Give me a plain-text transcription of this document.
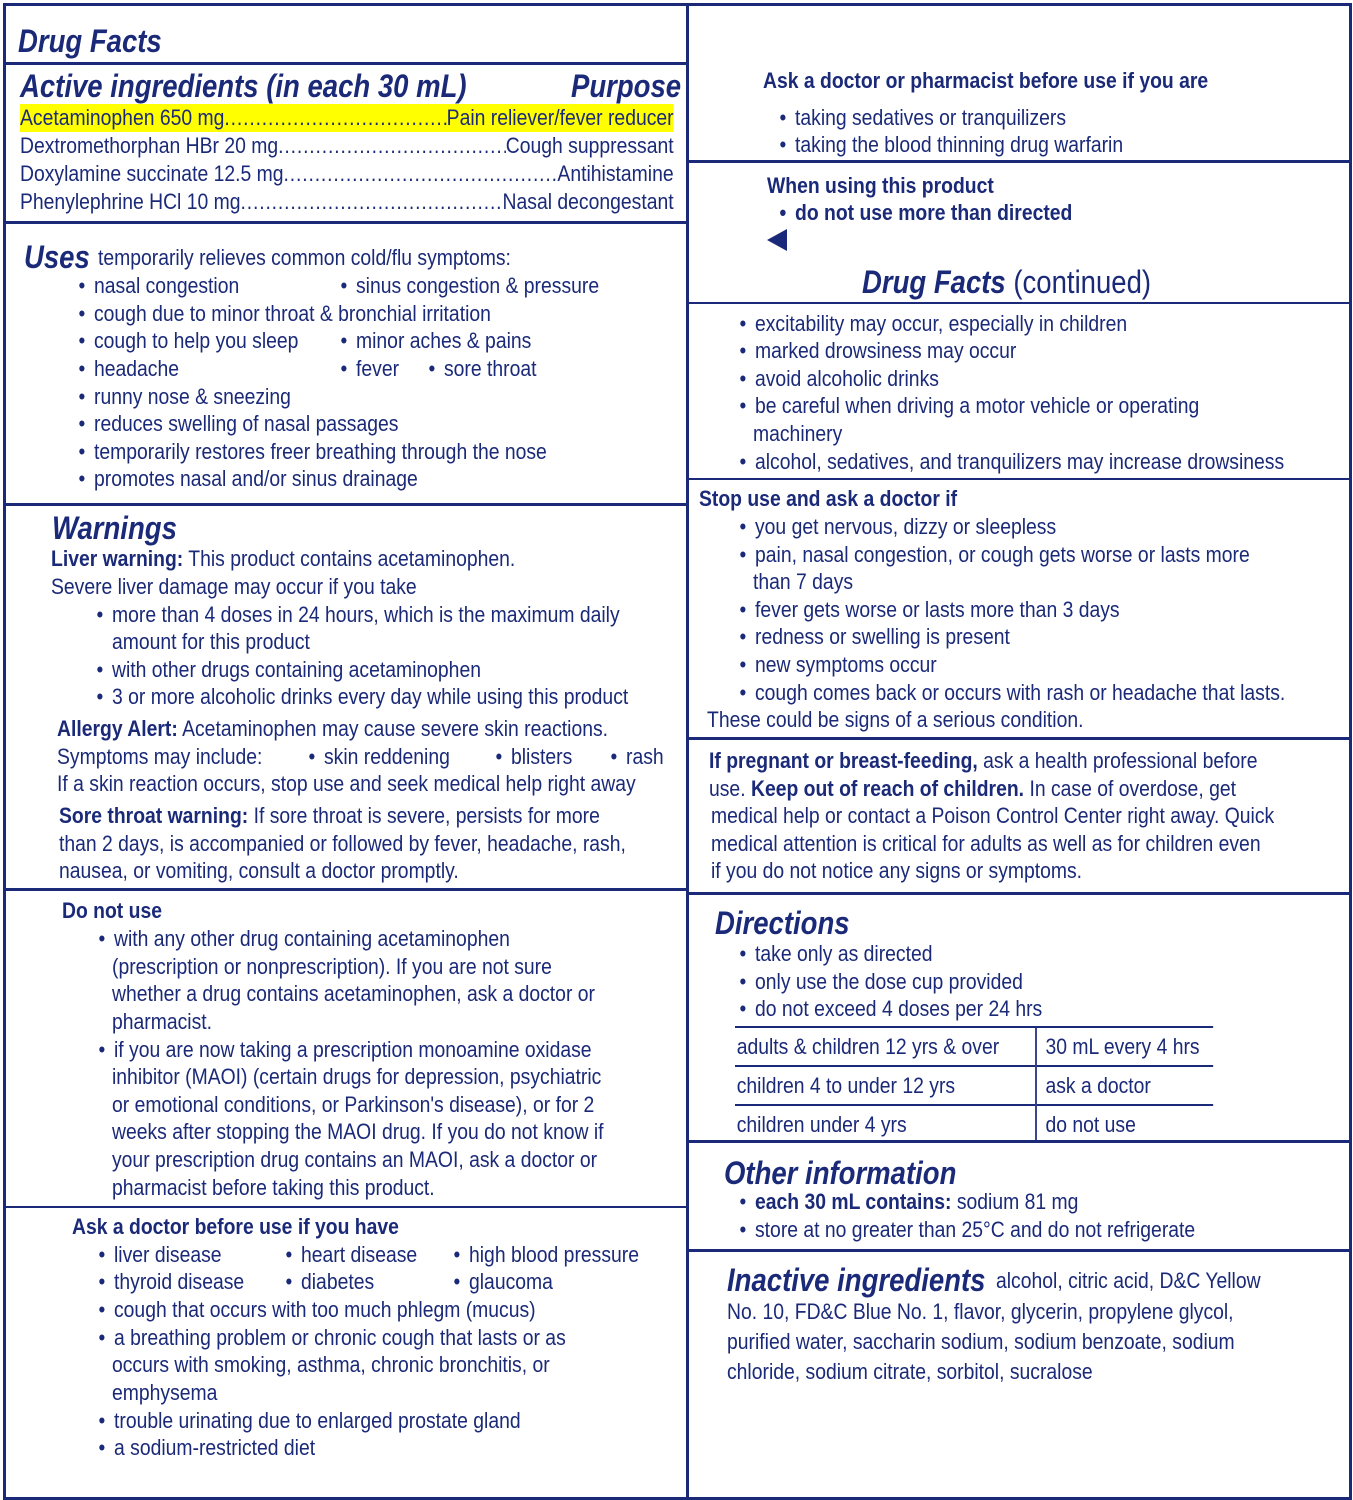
Drug Facts
Active ingredients (in each 30 mL)	Purpose
Acetaminophen 650 mg .....	Pain reliever/fever reducer
Dextromethorphan HBr 20 mg .....	Cough suppressant
Doxylamine succinate 12.5 mg .....	Antihistamine
Phenylephrine HCl 10 mg .....	Nasal decongestant
Uses temporarily relieves common cold/flu symptoms:
• nasal congestion	• sinus congestion & pressure
• cough due to minor throat & bronchial irritation
• cough to help you sleep	• minor aches & pains
• headache	• fever • sore throat
• runny nose & sneezing
• reduces swelling of nasal passages
• temporarily restores freer breathing through the nose
• promotes nasal and/or sinus drainage
Warnings
Liver warning: This product contains acetaminophen.
Severe liver damage may occur if you take
• more than 4 doses in 24 hours, which is the maximum daily
amount for this product
• with other drugs containing acetaminophen
• 3 or more alcoholic drinks every day while using this product
Allergy Alert: Acetaminophen may cause severe skin reactions.
Symptoms may include:	• skin reddening	• blisters • rash
If a skin reaction occurs, stop use and seek medical help right away
Sore throat warning: If sore throat is severe, persists for more
than 2 days, is accompanied or followed by fever, headache, rash,
nausea, or vomiting, consult a doctor promptly.
Do not use
• with any other drug containing acetaminophen
(prescription or nonprescription). If you are not sure
whether a drug contains acetaminophen, ask a doctor or
pharmacist.
• if you are now taking a prescription monoamine oxidase
inhibitor (MAOI) (certain drugs for depression, psychiatric
or emotional conditions, or Parkinson's disease), or for 2
weeks after stopping the MAOI drug. If you do not know if
your prescription drug contains an MAOI, ask a doctor or
pharmacist before taking this product.
Ask a doctor before use if you have
• liver disease	• heart disease • high blood pressure
• thyroid disease	• diabetes	• glaucoma
• cough that occurs with too much phlegm (mucus)
• a breathing problem or chronic cough that lasts or as
occurs with smoking, asthma, chronic bronchitis, or
emphysema
• trouble urinating due to enlarged prostate gland
• a sodium-restricted diet
Ask a doctor or pharmacist before use if you are
• taking sedatives or tranquilizers
• taking the blood thinning drug warfarin
When using this product
• do not use more than directed
Drug Facts (continued)
• excitability may occur, especially in children
• marked drowsiness may occur
• avoid alcoholic drinks
• be careful when driving a motor vehicle or operating
machinery
• alcohol, sedatives, and tranquilizers may increase drowsiness
Stop use and ask a doctor if
• you get nervous, dizzy or sleepless
• pain, nasal congestion, or cough gets worse or lasts more
than 7 days
• fever gets worse or lasts more than 3 days
• redness or swelling is present
• new symptoms occur
• cough comes back or occurs with rash or headache that lasts.
These could be signs of a serious condition.
If pregnant or breast-feeding, ask a health professional before
use. Keep out of reach of children. In case of overdose, get
medical help or contact a Poison Control Center right away. Quick
medical attention is critical for adults as well as for children even
if you do not notice any signs or symptoms.
Directions
• take only as directed
• only use the dose cup provided
• do not exceed 4 doses per 24 hrs
adults & children 12 yrs & over	30 mL every 4 hrs
children 4 to under 12 yrs	ask a doctor
children under 4 yrs	do not use
Other information
• each 30 mL contains: sodium 81 mg
• store at no greater than 25°C and do not refrigerate
Inactive ingredients alcohol, citric acid, D&C Yellow
No. 10, FD&C Blue No. 1, flavor, glycerin, propylene glycol,
purified water, saccharin sodium, sodium benzoate, sodium
chloride, sodium citrate, sorbitol, sucralose
